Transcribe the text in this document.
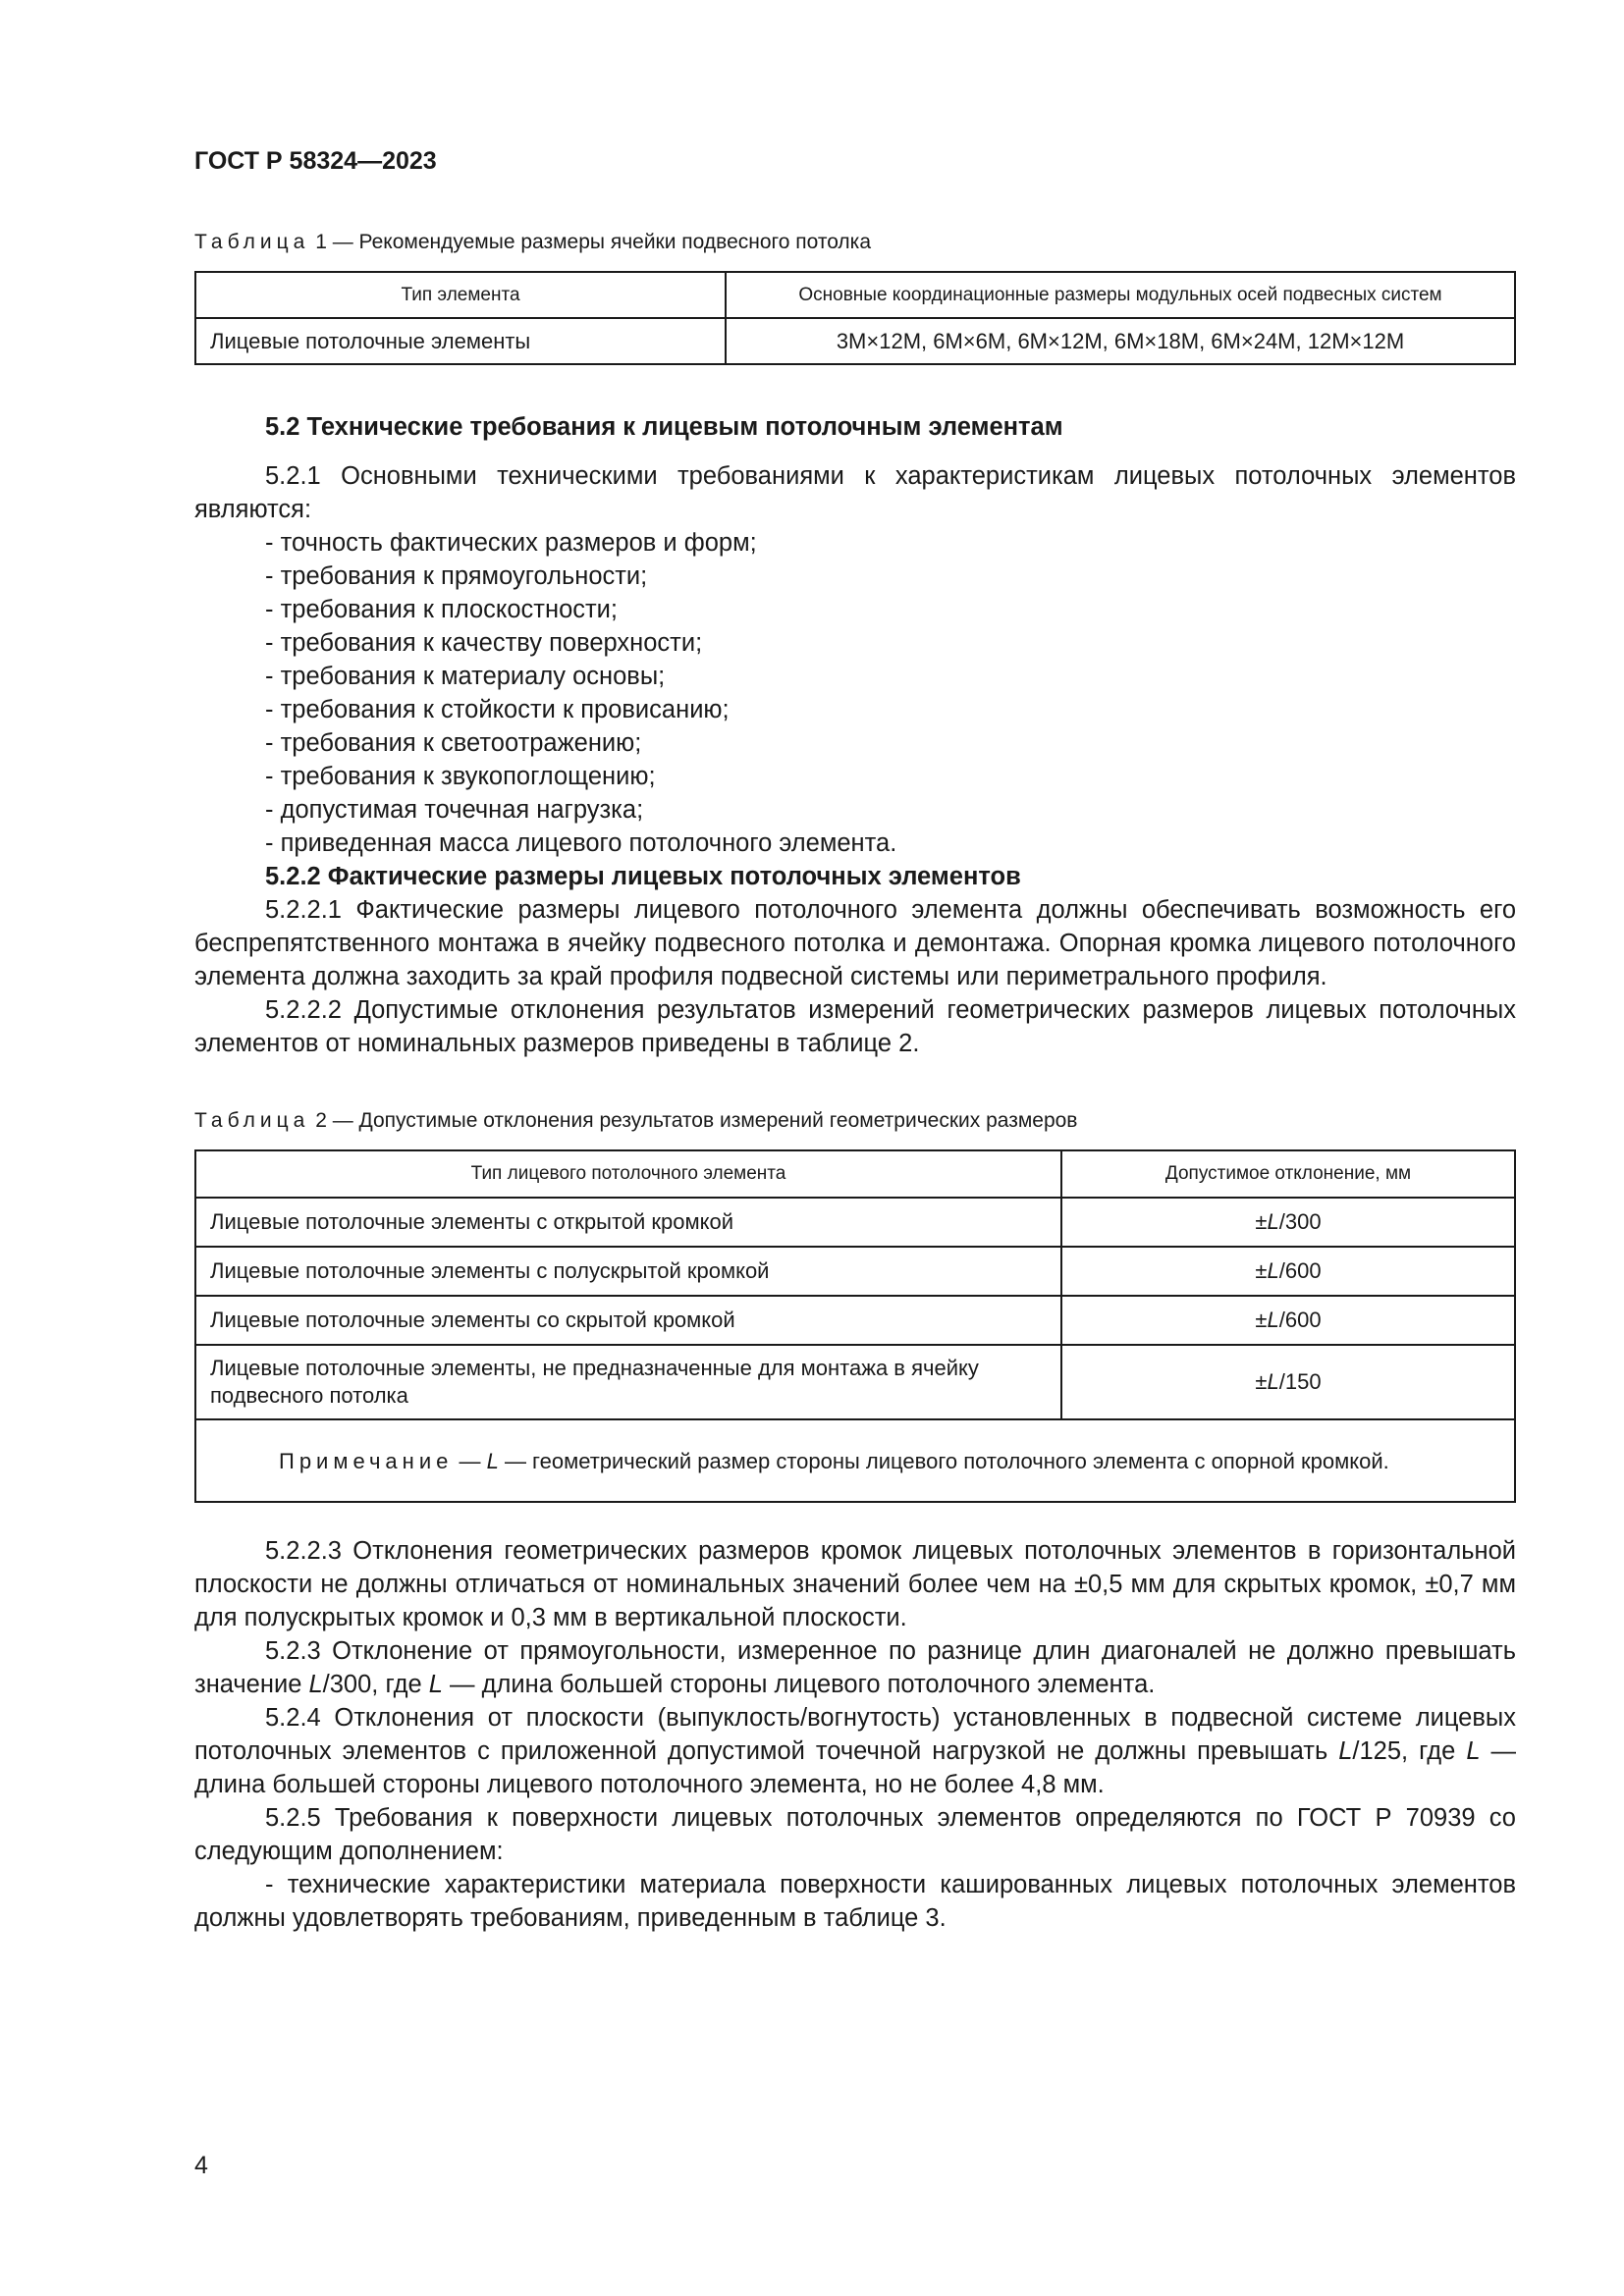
ГОСТ Р 58324—2023
Таблица 1 — Рекомендуемые размеры ячейки подвесного потолка
Тип элемента	Основные координационные размеры модульных осей подвесных систем
Лицевые потолочные элементы	3М×12М, 6М×6М, 6М×12М, 6М×18М, 6М×24М, 12М×12М

5.2 Технические требования к лицевым потолочным элементам

5.2.1 Основными техническими требованиями к характеристикам лицевых потолочных элементов являются:

- точность фактических размеров и форм;
- требования к прямоугольности;
- требования к плоскостности;
- требования к качеству поверхности;
- требования к материалу основы;
- требования к стойкости к провисанию;
- требования к светоотражению;
- требования к звукопоглощению;
- допустимая точечная нагрузка;
- приведенная масса лицевого потолочного элемента.

5.2.2 Фактические размеры лицевых потолочных элементов

5.2.2.1 Фактические размеры лицевого потолочного элемента должны обеспечивать возможность его беспрепятственного монтажа в ячейку подвесного потолка и демонтажа. Опорная кромка лицевого потолочного элемента должна заходить за край профиля подвесной системы или периметрального профиля.

5.2.2.2 Допустимые отклонения результатов измерений геометрических размеров лицевых потолочных элементов от номинальных размеров приведены в таблице 2.

Таблица 2 — Допустимые отклонения результатов измерений геометрических размеров
Тип лицевого потолочного элемента	Допустимое отклонение, мм
Лицевые потолочные элементы с открытой кромкой	±L/300
Лицевые потолочные элементы с полускрытой кромкой	±L/600
Лицевые потолочные элементы со скрытой кромкой	±L/600
Лицевые потолочные элементы, не предназначенные для монтажа в ячейку подвесного потолка	±L/150
Примечание — L — геометрический размер стороны лицевого потолочного элемента с опорной кромкой.	

5.2.2.3 Отклонения геометрических размеров кромок лицевых потолочных элементов в горизонтальной плоскости не должны отличаться от номинальных значений более чем на ±0,5 мм для скрытых кромок, ±0,7 мм для полускрытых кромок и 0,3 мм в вертикальной плоскости.

5.2.3 Отклонение от прямоугольности, измеренное по разнице длин диагоналей не должно превышать значение L/300, где L — длина большей стороны лицевого потолочного элемента.

5.2.4 Отклонения от плоскости (выпуклость/вогнутость) установленных в подвесной системе лицевых потолочных элементов с приложенной допустимой точечной нагрузкой не должны превышать L/125, где L — длина большей стороны лицевого потолочного элемента, но не более 4,8 мм.

5.2.5 Требования к поверхности лицевых потолочных элементов определяются по ГОСТ Р 70939 со следующим дополнением:

- технические характеристики материала поверхности кашированных лицевых потолочных элементов должны удовлетворять требованиям, приведенным в таблице 3.

4
